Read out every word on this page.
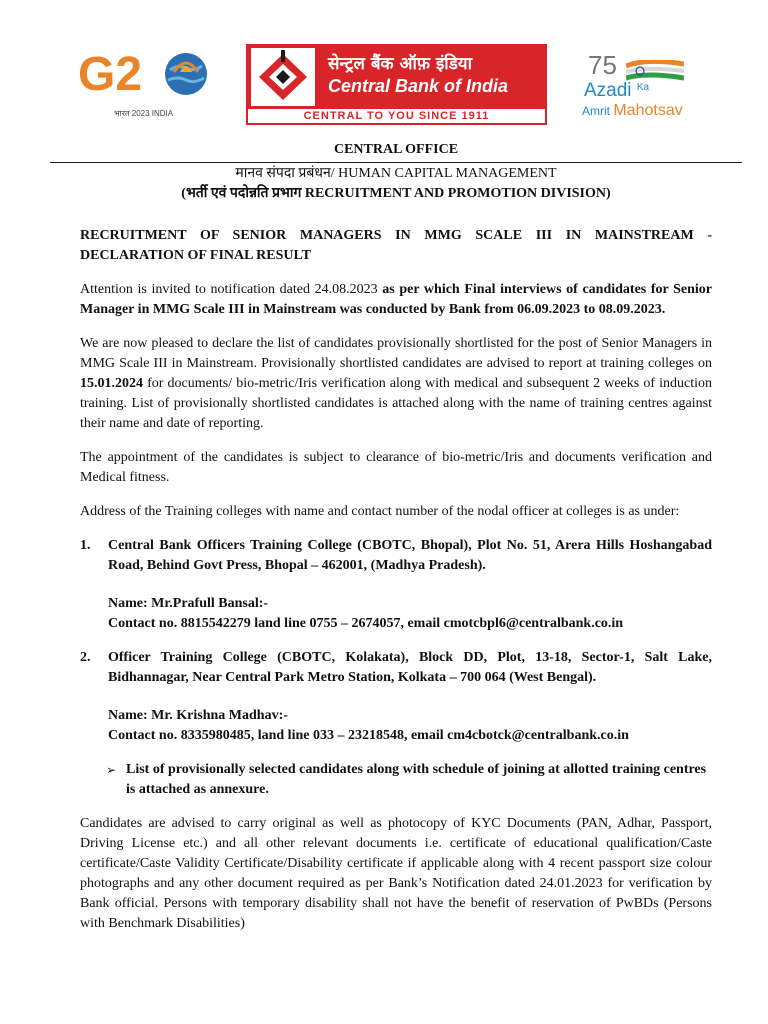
G2
भारत 2023 INDIA
सेन्ट्रल बैंक ऑफ़ इंडिया
Central Bank of India
CENTRAL TO YOU SINCE 1911
75
Azadi $^{Ka}$
Amrit Mahotsav
CENTRAL OFFICE
मानव संपदा प्रबंधन/ HUMAN CAPITAL MANAGEMENT
(भर्ती एवं पदोन्नति प्रभाग RECRUITMENT AND PROMOTION DIVISION)

RECRUITMENT OF SENIOR MANAGERS IN MMG SCALE III IN MAINSTREAM - DECLARATION OF FINAL RESULT

Attention is invited to notification dated 24.08.2023 as per which Final interviews of candidates for Senior Manager in MMG Scale III in Mainstream was conducted by Bank from 06.09.2023 to 08.09.2023.

We are now pleased to declare the list of candidates provisionally shortlisted for the post of Senior Managers in MMG Scale III in Mainstream. Provisionally shortlisted candidates are advised to report at training colleges on 15.01.2024 for documents/ bio-metric/Iris verification along with medical and subsequent 2 weeks of induction training. List of provisionally shortlisted candidates is attached along with the name of training centres against their name and date of reporting.

The appointment of the candidates is subject to clearance of bio-metric/Iris and documents verification and Medical fitness.

Address of the Training colleges with name and contact number of the nodal officer at colleges is as under:

1. Central Bank Officers Training College (CBOTC, Bhopal), Plot No. 51, Arera Hills Hoshangabad Road, Behind Govt Press, Bhopal – 462001, (Madhya Pradesh).
Name: Mr.Prafull Bansal:-
Contact no. 8815542279 land line 0755 – 2674057, email cmotcbpl6@centralbank.co.in
2. Officer Training College (CBOTC, Kolakata), Block DD, Plot, 13-18, Sector-1, Salt Lake, Bidhannagar, Near Central Park Metro Station, Kolkata – 700 064 (West Bengal).
Name: Mr. Krishna Madhav:-
Contact no. 8335980485, land line 033 – 23218548, email cm4cbotck@centralbank.co.in
➢ List of provisionally selected candidates along with schedule of joining at allotted training centres is attached as annexure.

Candidates are advised to carry original as well as photocopy of KYC Documents (PAN, Adhar, Passport, Driving License etc.) and all other relevant documents i.e. certificate of educational qualification/Caste certificate/Caste Validity Certificate/Disability certificate if applicable along with 4 recent passport size colour photographs and any other document required as per Bank’s Notification dated 24.01.2023 for verification by Bank official. Persons with temporary disability shall not have the benefit of reservation of PwBDs (Persons with Benchmark Disabilities)
